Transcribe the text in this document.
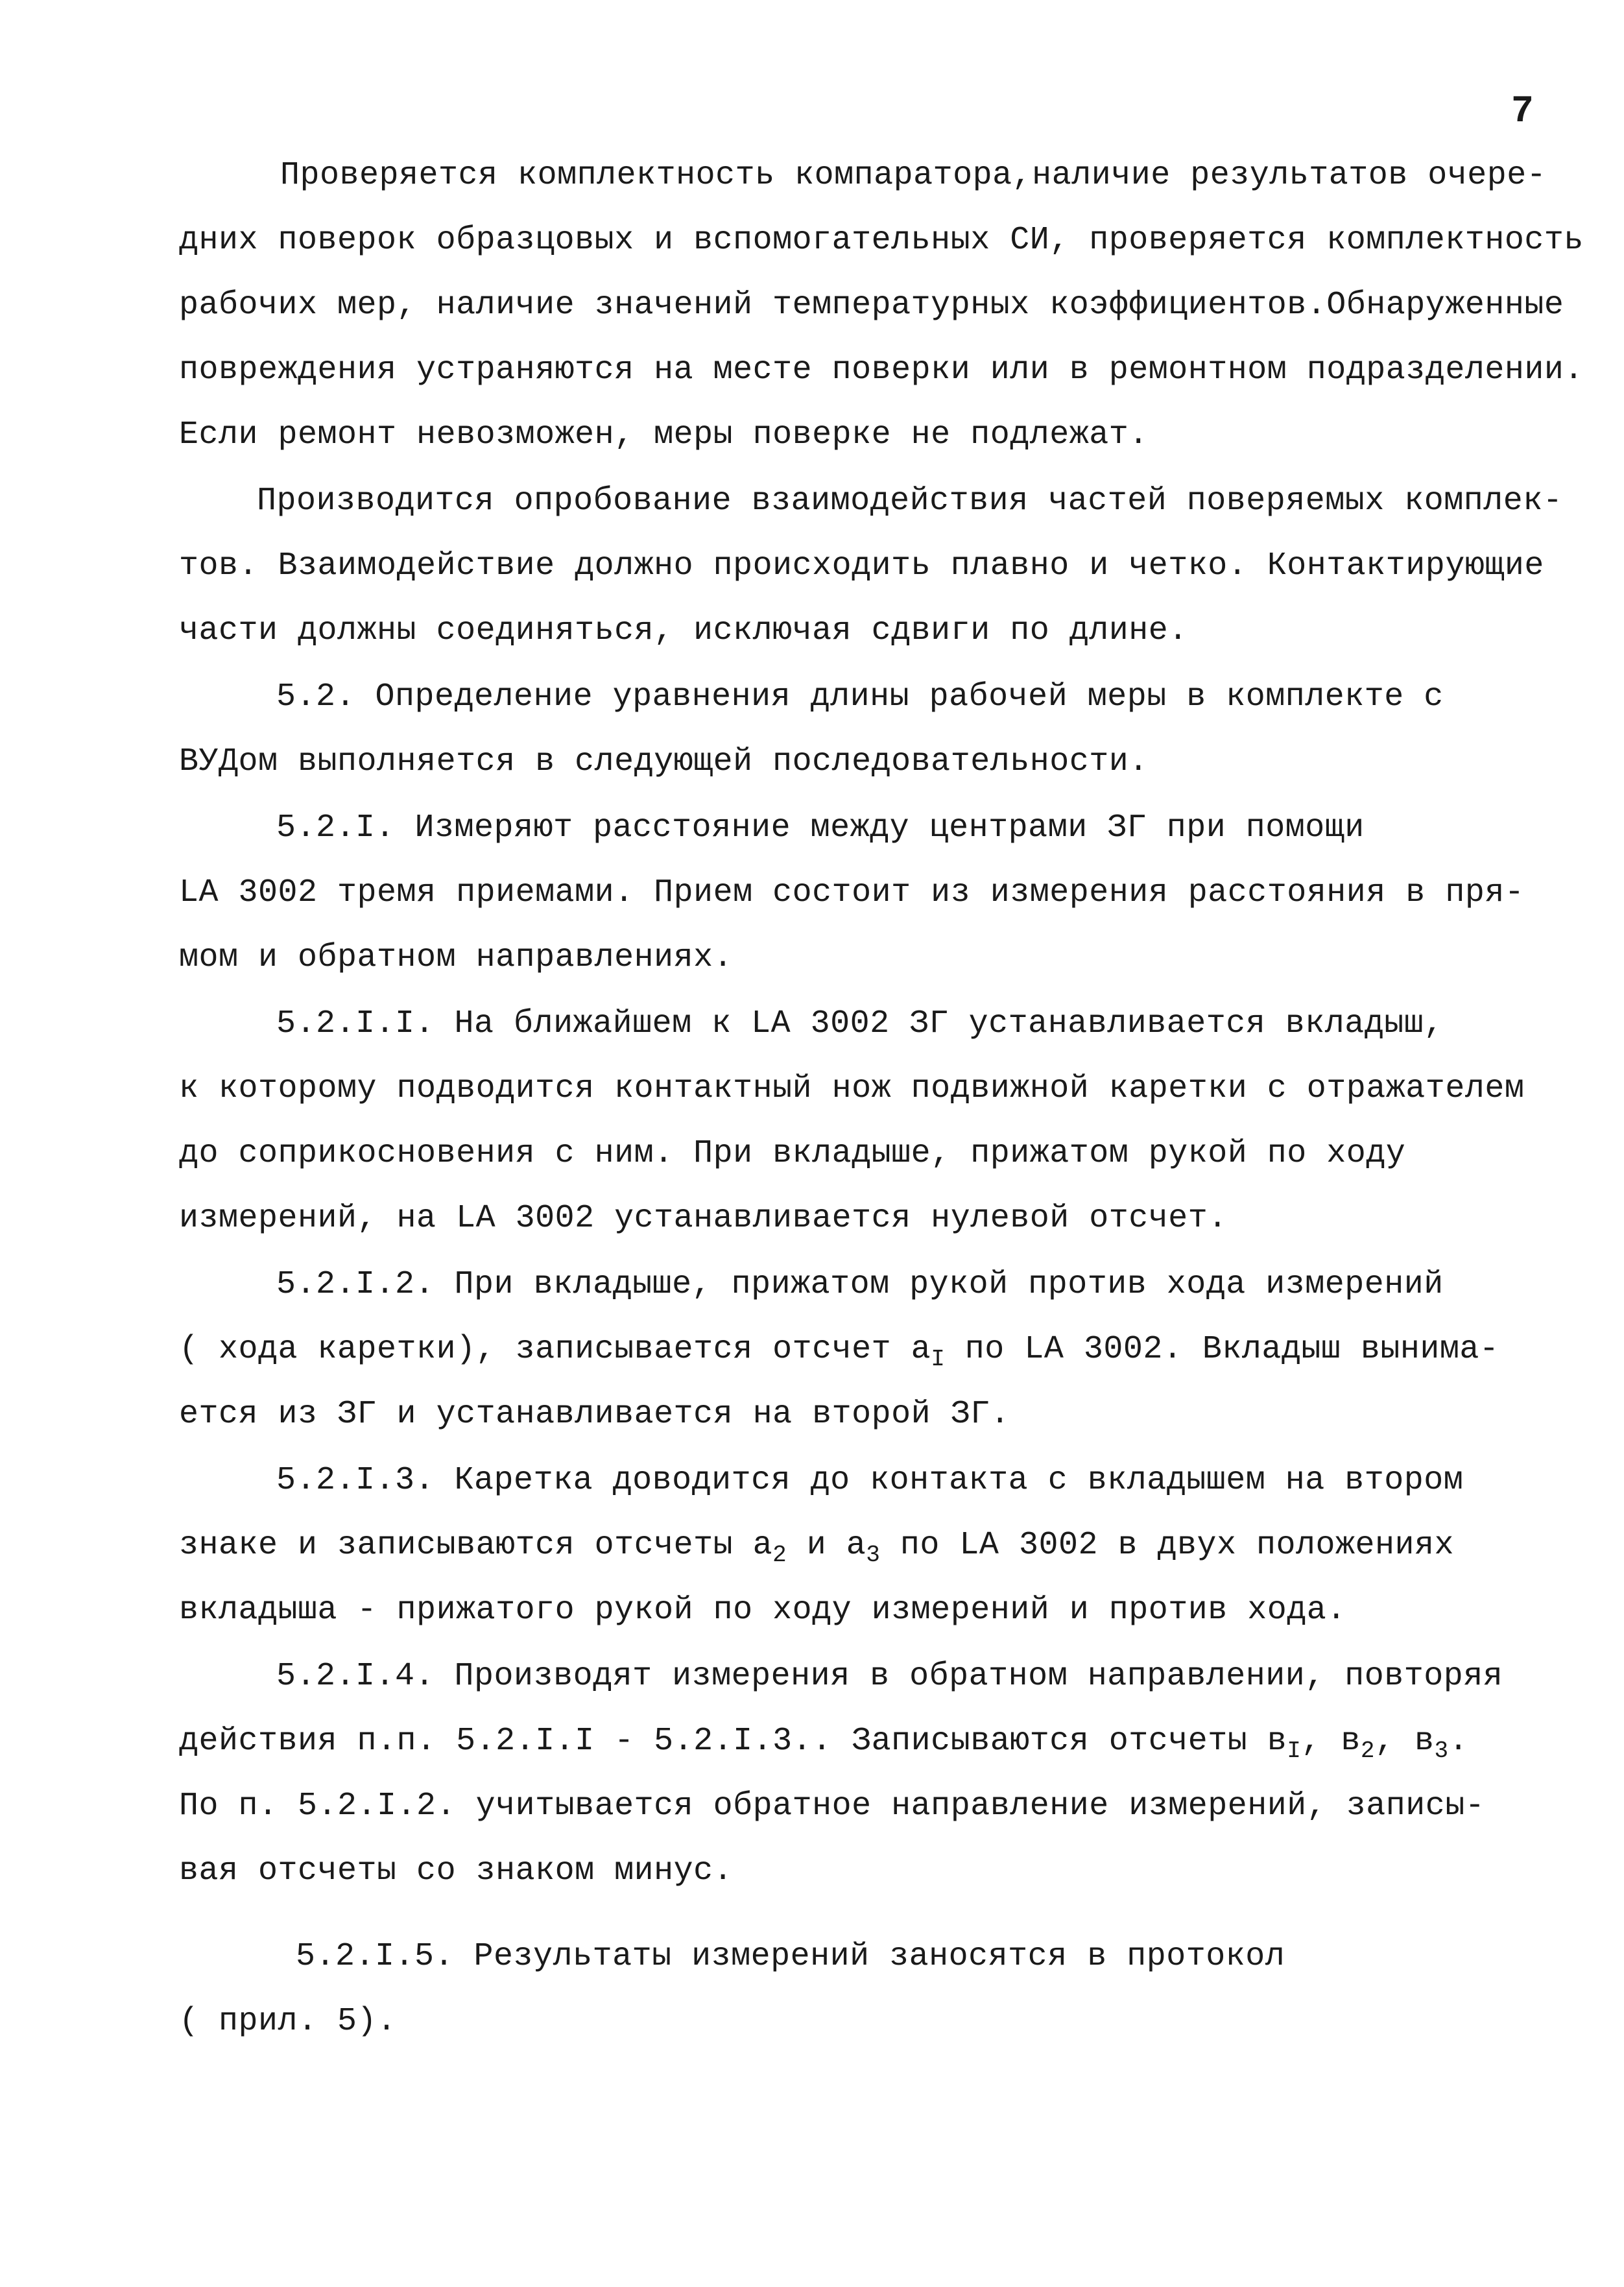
7
Проверяется комплектность компаратора,наличие результатов очере-
дних поверок образцовых и вспомогательных СИ, проверяется комплектность
рабочих мер, наличие значений температурных коэффициентов.Обнаруженные
повреждения устраняются на месте поверки или в ремонтном подразделении.
Если ремонт невозможен, меры поверке не подлежат.
Производится опробование взаимодействия частей поверяемых комплек-
тов. Взаимодействие должно происходить плавно и четко. Контактирующие
части должны соединяться, исключая сдвиги по длине.
5.2. Определение уравнения длины рабочей меры в комплекте с
ВУДом выполняется в следующей последовательности.
5.2.I. Измеряют расстояние между центрами ЗГ при помощи
LA 3002 тремя приемами. Прием состоит из измерения расстояния в пря-
мом и обратном направлениях.
5.2.I.I. На ближайшем к LA 3002 ЗГ устанавливается вкладыш,
к которому подводится контактный нож подвижной каретки с отражателем
до соприкосновения с ним. При вкладыше, прижатом рукой по ходу
измерений, на LA 3002 устанавливается нулевой отсчет.
5.2.I.2. При вкладыше, прижатом рукой против хода измерений
( хода каретки), записывается отсчет $а_I$ по LA 3002. Вкладыш вынима-
ется из ЗГ и устанавливается на второй ЗГ.
5.2.I.3. Каретка доводится до контакта с вкладышем на втором
знаке и записываются отсчеты $а_2$ и $а_3$ по LA 3002 в двух положениях
вкладыша - прижатого рукой по ходу измерений и против хода.
5.2.I.4. Производят измерения в обратном направлении, повторяя
действия п.п. 5.2.I.I - 5.2.I.3.. Записываются отсчеты $в_I$, $в_2$, $в_3$.
По п. 5.2.I.2. учитывается обратное направление измерений, записы-
вая отсчеты со знаком минус.
5.2.I.5. Результаты измерений заносятся в протокол
( прил. 5).
